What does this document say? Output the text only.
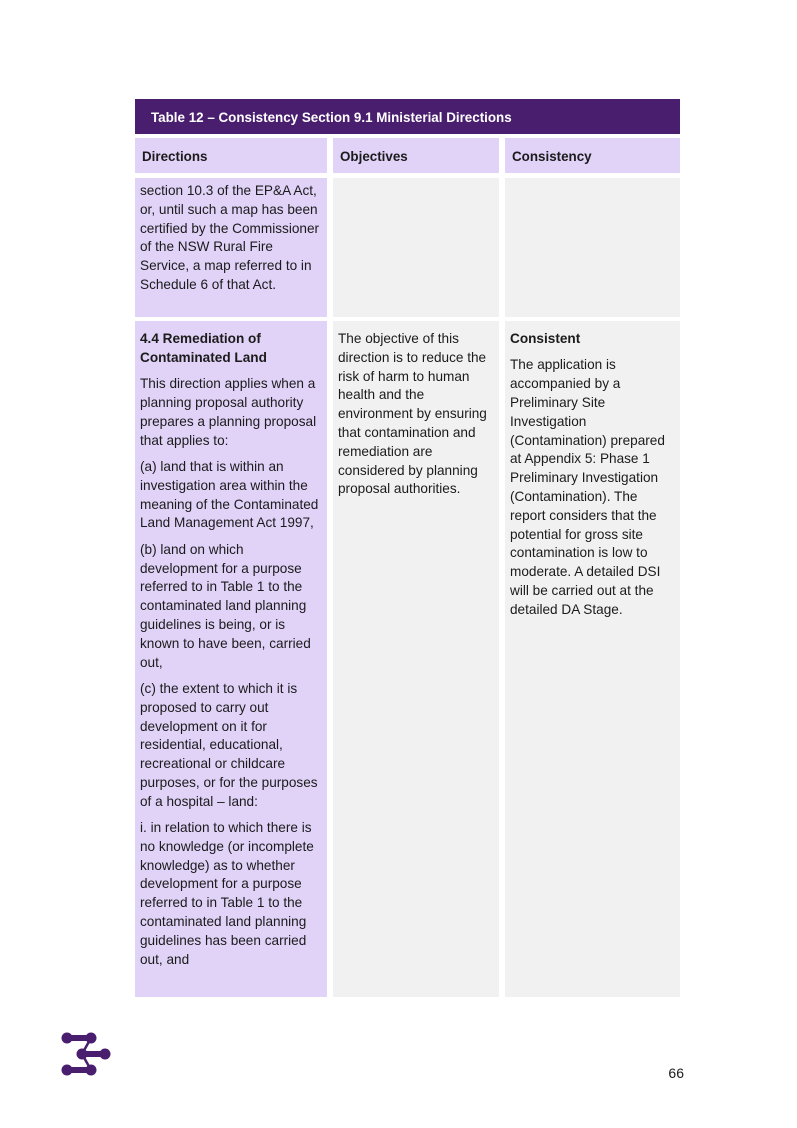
Table 12 – Consistency Section 9.1 Ministerial Directions
Directions	Objectives	Consistency

section 10.3 of the EP&A Act, or, until such a map has been certified by the Commissioner of the NSW Rural Fire Service, a map referred to in Schedule 6 of that Act.

4.4 Remediation of Contaminated Land

This direction applies when a planning proposal authority prepares a planning proposal that applies to:

(a) land that is within an investigation area within the meaning of the Contaminated Land Management Act 1997,

(b) land on which development for a purpose referred to in Table 1 to the contaminated land planning guidelines is being, or is known to have been, carried out,

(c) the extent to which it is proposed to carry out development on it for residential, educational, recreational or childcare purposes, or for the purposes of a hospital – land:

i. in relation to which there is no knowledge (or incomplete knowledge) as to whether development for a purpose referred to in Table 1 to the contaminated land planning guidelines has been carried out, and

The objective of this direction is to reduce the risk of harm to human health and the environment by ensuring that contamination and remediation are considered by planning proposal authorities.

Consistent

The application is accompanied by a Preliminary Site Investigation (Contamination) prepared at Appendix 5: Phase 1 Preliminary Investigation (Contamination). The report considers that the potential for gross site contamination is low to moderate. A detailed DSI will be carried out at the detailed DA Stage.

66
